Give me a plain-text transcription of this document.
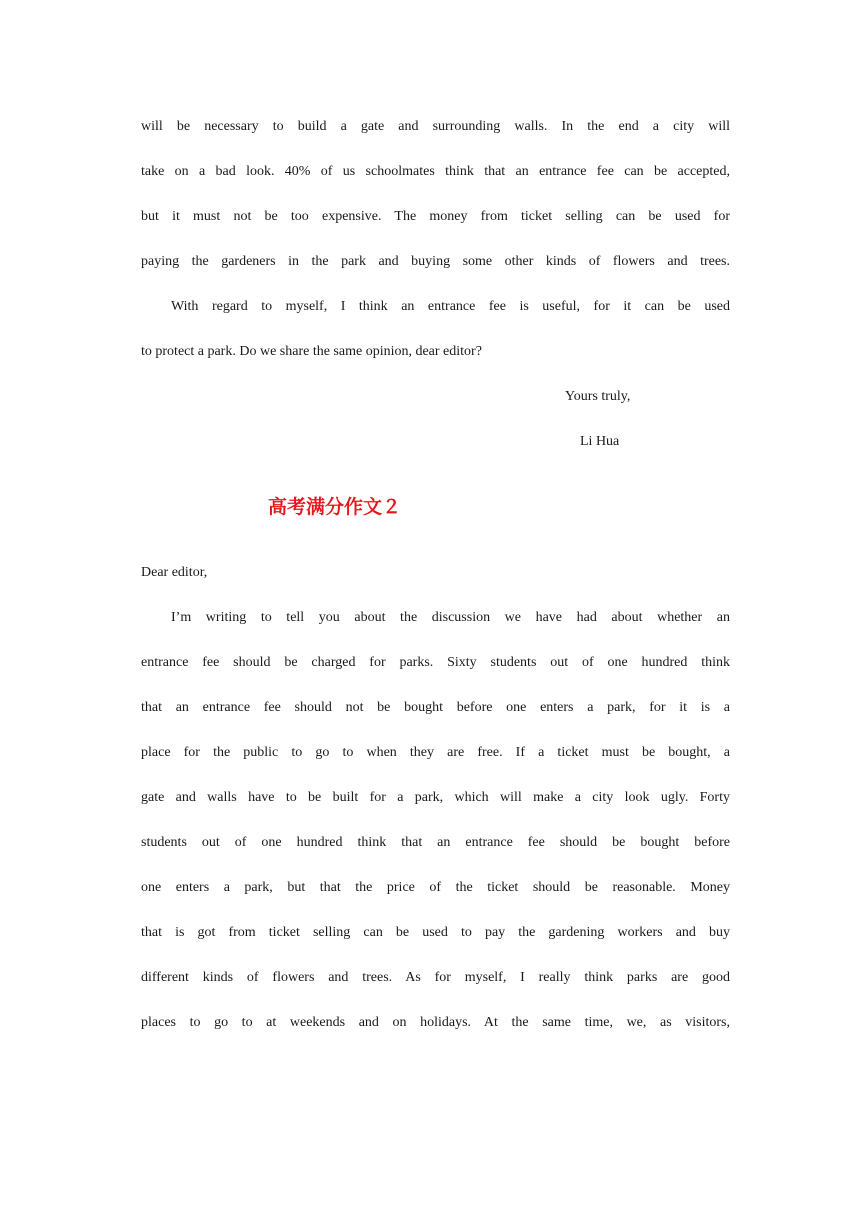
will be necessary to build a gate and surrounding walls. In the end a city will
take on a bad look. 40% of us schoolmates think that an entrance fee can be accepted,
but it must not be too expensive. The money from ticket selling can be used for
paying the gardeners in the park and buying some other kinds of flowers and trees.
With regard to myself, I think an entrance fee is useful, for it can be used
to protect a park. Do we share the same opinion, dear editor?
Yours truly,
Li Hua
高考满分作文２
Dear editor,
I’m writing to tell you about the discussion we have had about whether an
entrance fee should be charged for parks. Sixty students out of one hundred think
that an entrance fee should not be bought before one enters a park, for it is a
place for the public to go to when they are free. If a ticket must be bought, a
gate and walls have to be built for a park, which will make a city look ugly. Forty
students out of one hundred think that an entrance fee should be bought before
one enters a park, but that the price of the ticket should be reasonable. Money
that is got from ticket selling can be used to pay the gardening workers and buy
different kinds of flowers and trees. As for myself, I really think parks are good
places to go to at weekends and on holidays. At the same time, we, as visitors,
